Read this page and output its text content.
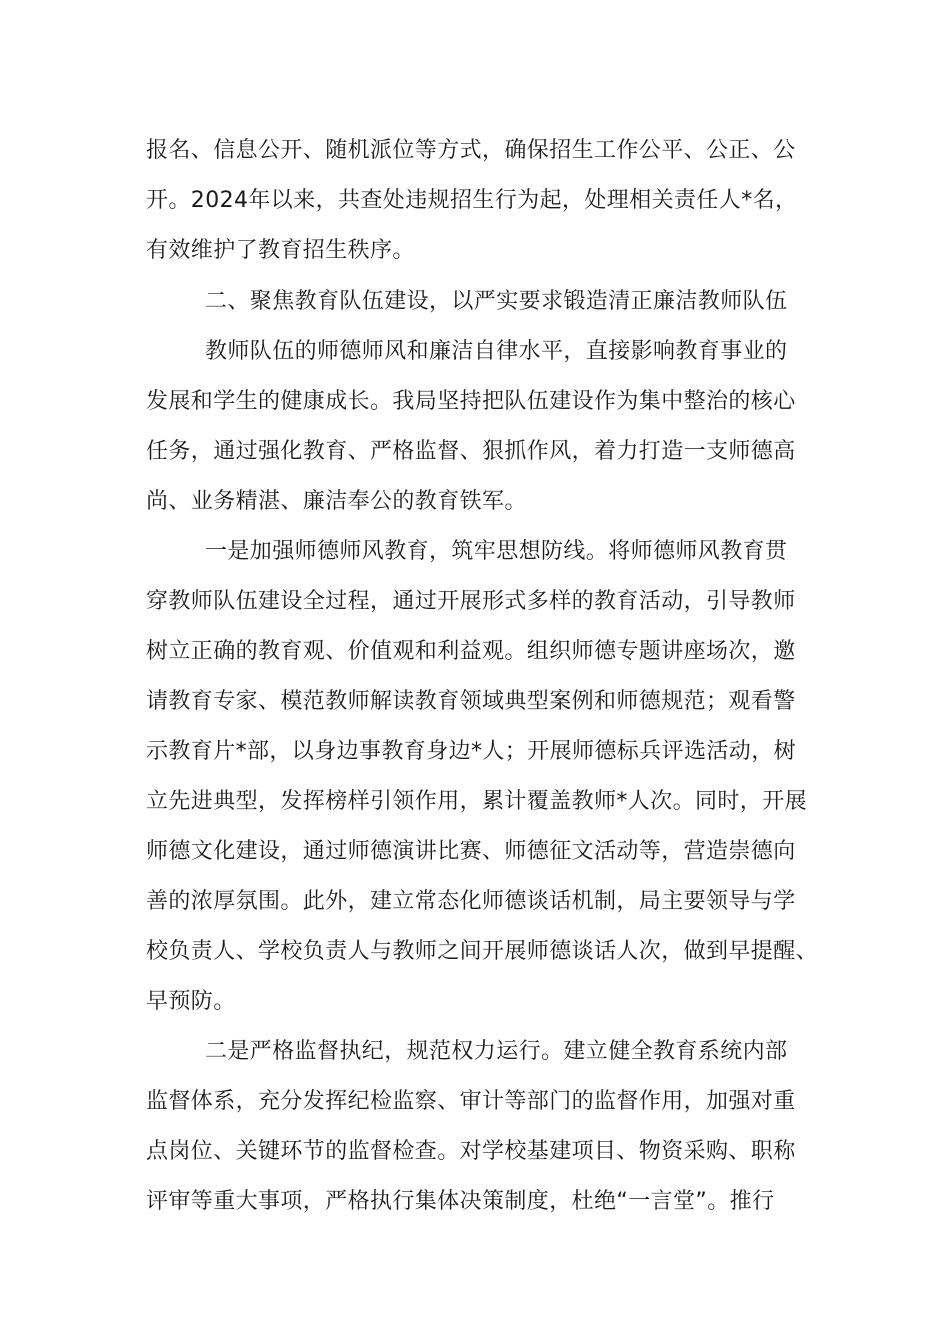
报名、信息公开、随机派位等方式，确保招生工作公平、公正、公
开。2024年以来，共查处违规招生行为起，处理相关责任人*名，
有效维护了教育招生秩序。
二、聚焦教育队伍建设，以严实要求锻造清正廉洁教师队伍
教师队伍的师德师风和廉洁自律水平，直接影响教育事业的
发展和学生的健康成长。我局坚持把队伍建设作为集中整治的核心
任务，通过强化教育、严格监督、狠抓作风，着力打造一支师德高
尚、业务精湛、廉洁奉公的教育铁军。
一是加强师德师风教育，筑牢思想防线。将师德师风教育贯
穿教师队伍建设全过程，通过开展形式多样的教育活动，引导教师
树立正确的教育观、价值观和利益观。组织师德专题讲座场次，邀
请教育专家、模范教师解读教育领域典型案例和师德规范；观看警
示教育片*部，以身边事教育身边*人；开展师德标兵评选活动，树
立先进典型，发挥榜样引领作用，累计覆盖教师*人次。同时，开展
师德文化建设，通过师德演讲比赛、师德征文活动等，营造崇德向
善的浓厚氛围。此外，建立常态化师德谈话机制，局主要领导与学
校负责人、学校负责人与教师之间开展师德谈话人次，做到早提醒、
早预防。
二是严格监督执纪，规范权力运行。建立健全教育系统内部
监督体系，充分发挥纪检监察、审计等部门的监督作用，加强对重
点岗位、关键环节的监督检查。对学校基建项目、物资采购、职称
评审等重大事项，严格执行集体决策制度，杜绝“一言堂”。推行
